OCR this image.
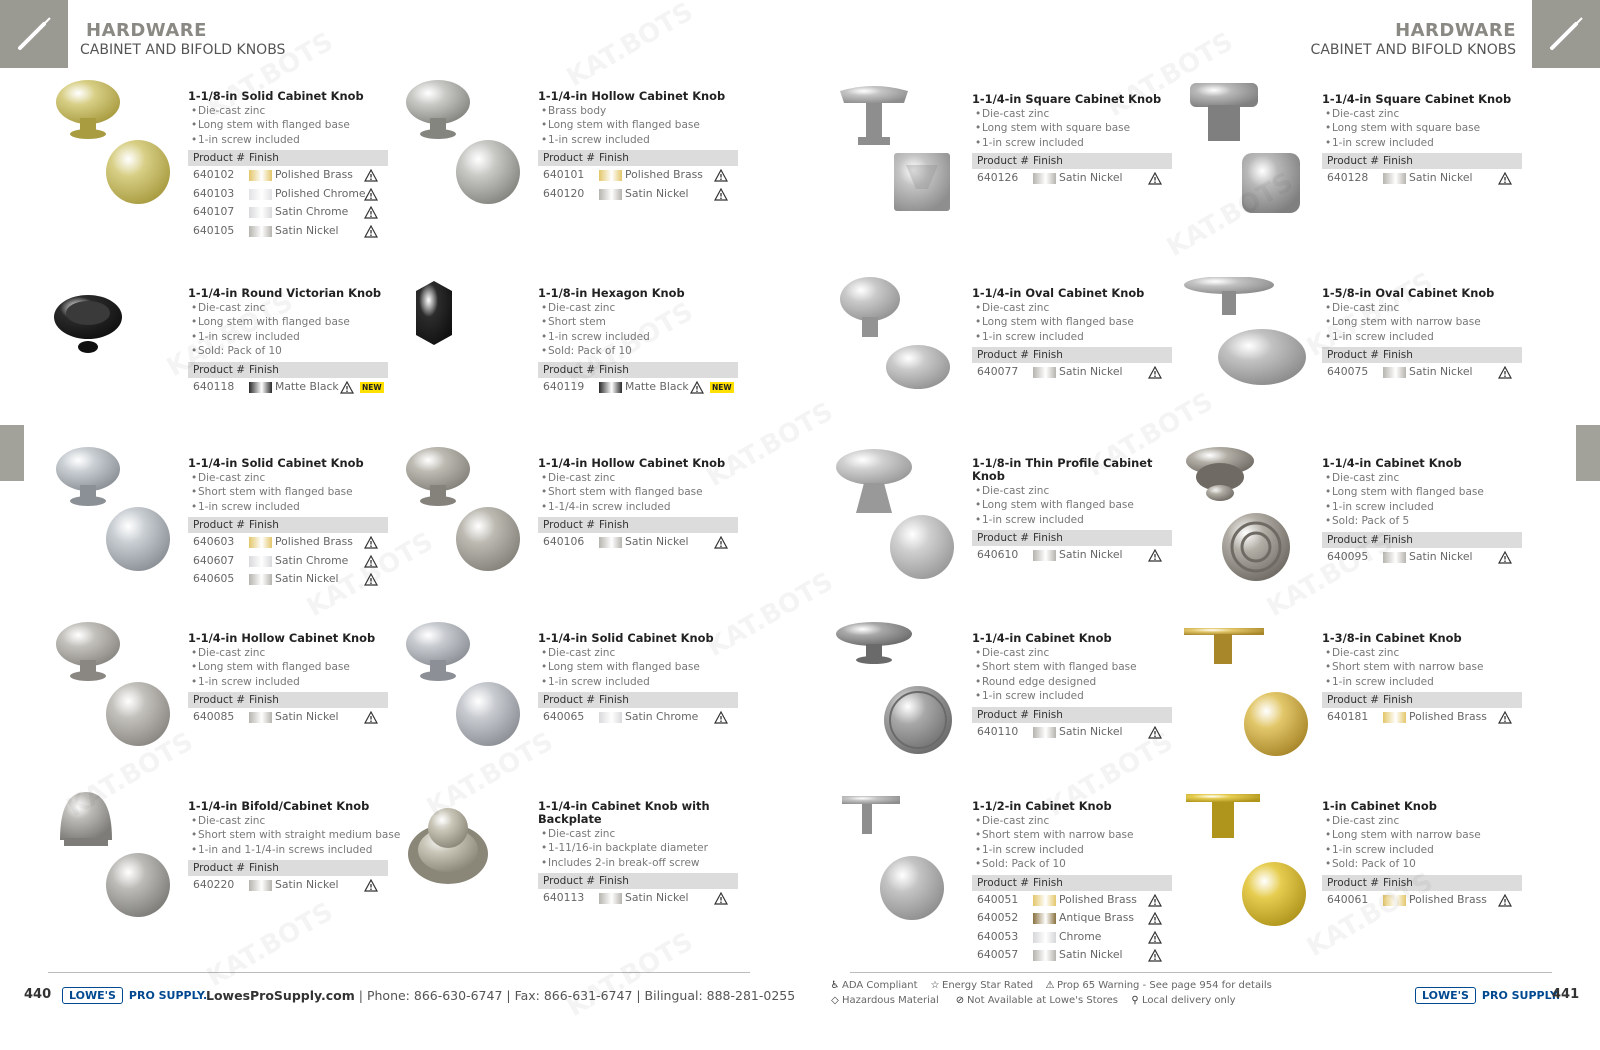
HARDWARE
CABINET AND BIFOLD KNOBS
1-1/8-in Solid Cabinet Knob
• Die-cast zinc
• Long stem with flanged base
• 1-in screw included
Product # Finish
640102	Polished Brass
640103	Polished Chrome
640107	Satin Chrome
640105	Satin Nickel
1-1/4-in Hollow Cabinet Knob
• Brass body
• Long stem with flanged base
• 1-in screw included
Product # Finish
640101	Polished Brass
640120	Satin Nickel
1-1/4-in Round Victorian Knob
• Die-cast zinc
• Long stem with flanged base
• 1-in screw included
• Sold: Pack of 10
Product # Finish
640118	Matte Black	NEW
1-1/8-in Hexagon Knob
• Die-cast zinc
• Short stem
• 1-in screw included
• Sold: Pack of 10
Product # Finish
640119	Matte Black	NEW
1-1/4-in Solid Cabinet Knob
• Die-cast zinc
• Short stem with flanged base
• 1-in screw included
Product # Finish
640603	Polished Brass
640607	Satin Chrome
640605	Satin Nickel
1-1/4-in Hollow Cabinet Knob
• Die-cast zinc
• Short stem with flanged base
• 1-1/4-in screw included
Product # Finish
640106	Satin Nickel
1-1/4-in Hollow Cabinet Knob
• Die-cast zinc
• Long stem with flanged base
• 1-in screw included
Product # Finish
640085	Satin Nickel
1-1/4-in Solid Cabinet Knob
• Die-cast zinc
• Long stem with flanged base
• 1-in screw included
Product # Finish
640065	Satin Chrome
1-1/4-in Bifold/Cabinet Knob
• Die-cast zinc
• Short stem with straight medium base
• 1-in and 1-1/4-in screws included
Product # Finish
640220	Satin Nickel
1-1/4-in Cabinet Knob with Backplate
• Die-cast zinc
• 1-11/16-in backplate diameter
• Includes 2-in break-off screw
Product # Finish
640113	Satin Nickel
440	LOWE'S	PRO SUPPLY.
LowesProSupply.com | Phone: 866-630-6747 | Fax: 866-631-6747 | Bilingual: 888-281-0255
HARDWARE
CABINET AND BIFOLD KNOBS
1-1/4-in Square Cabinet Knob
• Die-cast zinc
• Long stem with square base
• 1-in screw included
Product # Finish
640126	Satin Nickel
1-1/4-in Square Cabinet Knob
• Die-cast zinc
• Long stem with square base
• 1-in screw included
Product # Finish
640128	Satin Nickel
1-1/4-in Oval Cabinet Knob
• Die-cast zinc
• Long stem with flanged base
• 1-in screw included
Product # Finish
640077	Satin Nickel
1-5/8-in Oval Cabinet Knob
• Die-cast zinc
• Long stem with narrow base
• 1-in screw included
Product # Finish
640075	Satin Nickel
1-1/8-in Thin Profile Cabinet Knob
• Die-cast zinc
• Long stem with flanged base
• 1-in screw included
Product # Finish
640610	Satin Nickel
1-1/4-in Cabinet Knob
• Die-cast zinc
• Long stem with flanged base
• 1-in screw included
• Sold: Pack of 5
Product # Finish
640095	Satin Nickel
1-1/4-in Cabinet Knob
• Die-cast zinc
• Short stem with flanged base
• Round edge designed
• 1-in screw included
Product # Finish
640110	Satin Nickel
1-3/8-in Cabinet Knob
• Die-cast zinc
• Short stem with narrow base
• 1-in screw included
Product # Finish
640181	Polished Brass
1-1/2-in Cabinet Knob
• Die-cast zinc
• Short stem with narrow base
• 1-in screw included
• Sold: Pack of 10
Product # Finish
640051	Polished Brass
640052	Antique Brass
640053	Chrome
640057	Satin Nickel
1-in Cabinet Knob
• Die-cast zinc
• Long stem with narrow base
• 1-in screw included
• Sold: Pack of 10
Product # Finish
640061	Polished Brass
♿ ADA Compliant ☆ Energy Star Rated ⚠ Prop 65 Warning - See page 954 for details
◇ Hazardous Material ⊘ Not Available at Lowe's Stores ⚲ Local delivery only	LOWE'S	PRO SUPPLY.
441
